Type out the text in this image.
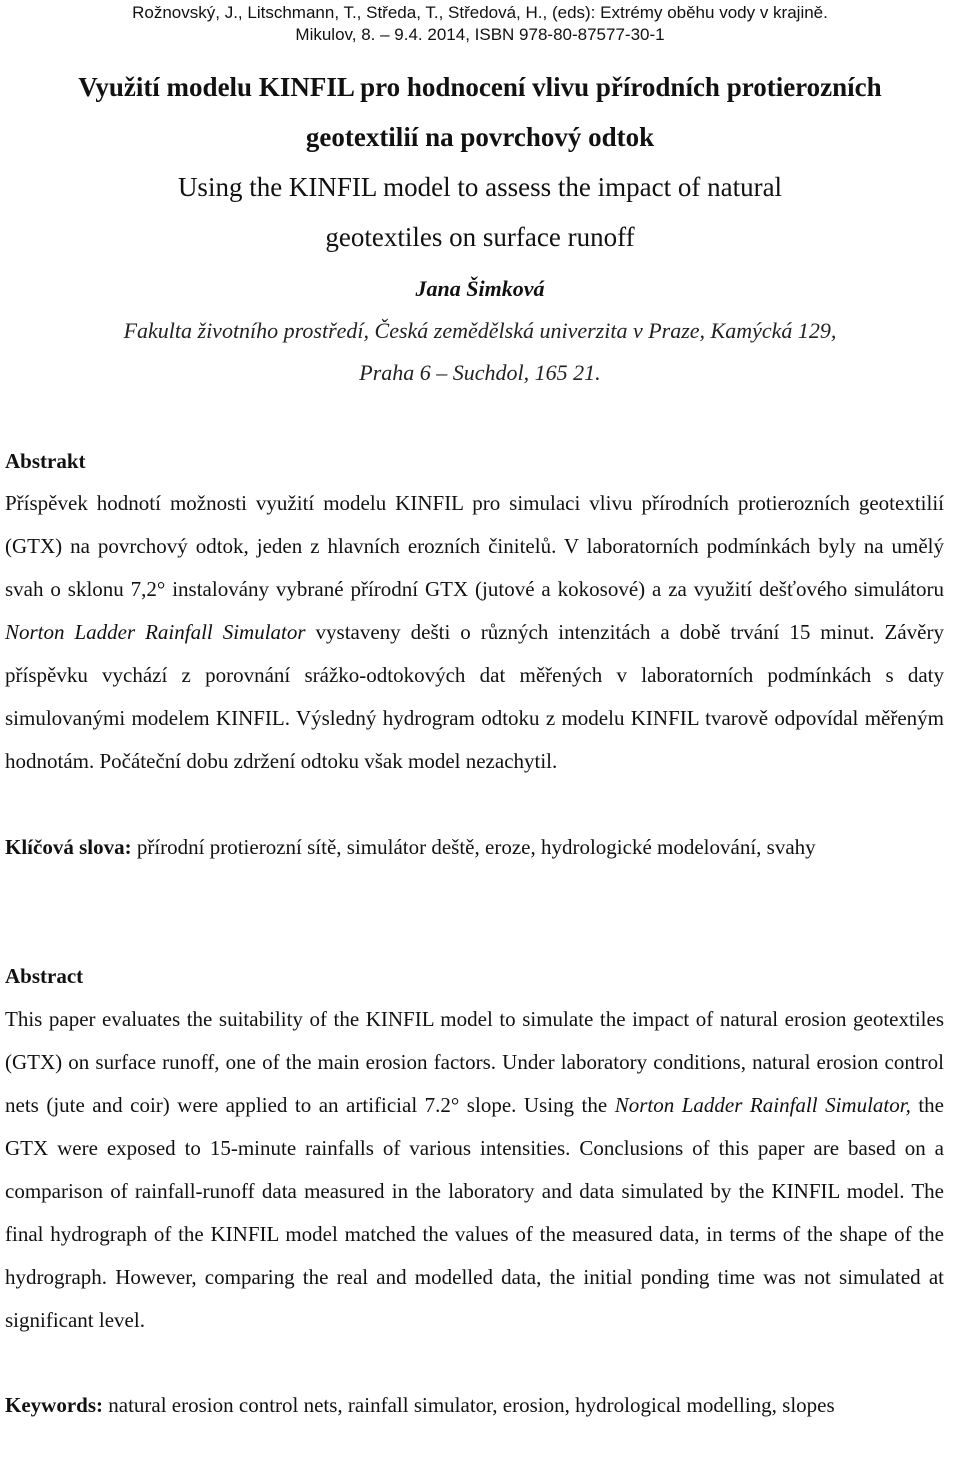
Rožnovský, J., Litschmann, T., Středa, T., Středová, H., (eds): Extrémy oběhu vody v krajině.
Mikulov, 8. – 9.4. 2014, ISBN 978-80-87577-30-1
Využití modelu KINFIL pro hodnocení vlivu přírodních protierozních
geotextilií na povrchový odtok
Using the KINFIL model to assess the impact of natural
geotextiles on surface runoff
Jana Šimková
Fakulta životního prostředí, Česká zemědělská univerzita v Praze, Kamýcká 129,
Praha 6 – Suchdol, 165 21.
Abstrakt
Příspěvek hodnotí možnosti využití modelu KINFIL pro simulaci vlivu přírodních protierozních geotextilií (GTX) na povrchový odtok, jeden z hlavních erozních činitelů. V laboratorních podmínkách byly na umělý svah o sklonu 7,2° instalovány vybrané přírodní GTX (jutové a kokosové) a za využití dešťového simulátoru Norton Ladder Rainfall Simulator vystaveny dešti o různých intenzitách a době trvání 15 minut. Závěry příspěvku vychází z porovnání srážko-odtokových dat měřených v laboratorních podmínkách s daty simulovanými modelem KINFIL. Výsledný hydrogram odtoku z modelu KINFIL tvarově odpovídal měřeným hodnotám. Počáteční dobu zdržení odtoku však model nezachytil.
Klíčová slova: přírodní protierozní sítě, simulátor deště, eroze, hydrologické modelování, svahy
Abstract
This paper evaluates the suitability of the KINFIL model to simulate the impact of natural erosion geotextiles (GTX) on surface runoff, one of the main erosion factors. Under laboratory conditions, natural erosion control nets (jute and coir) were applied to an artificial 7.2° slope. Using the Norton Ladder Rainfall Simulator, the GTX were exposed to 15-minute rainfalls of various intensities. Conclusions of this paper are based on a comparison of rainfall-runoff data measured in the laboratory and data simulated by the KINFIL model. The final hydrograph of the KINFIL model matched the values of the measured data, in terms of the shape of the hydrograph. However, comparing the real and modelled data, the initial ponding time was not simulated at significant level.
Keywords: natural erosion control nets, rainfall simulator, erosion, hydrological modelling, slopes
